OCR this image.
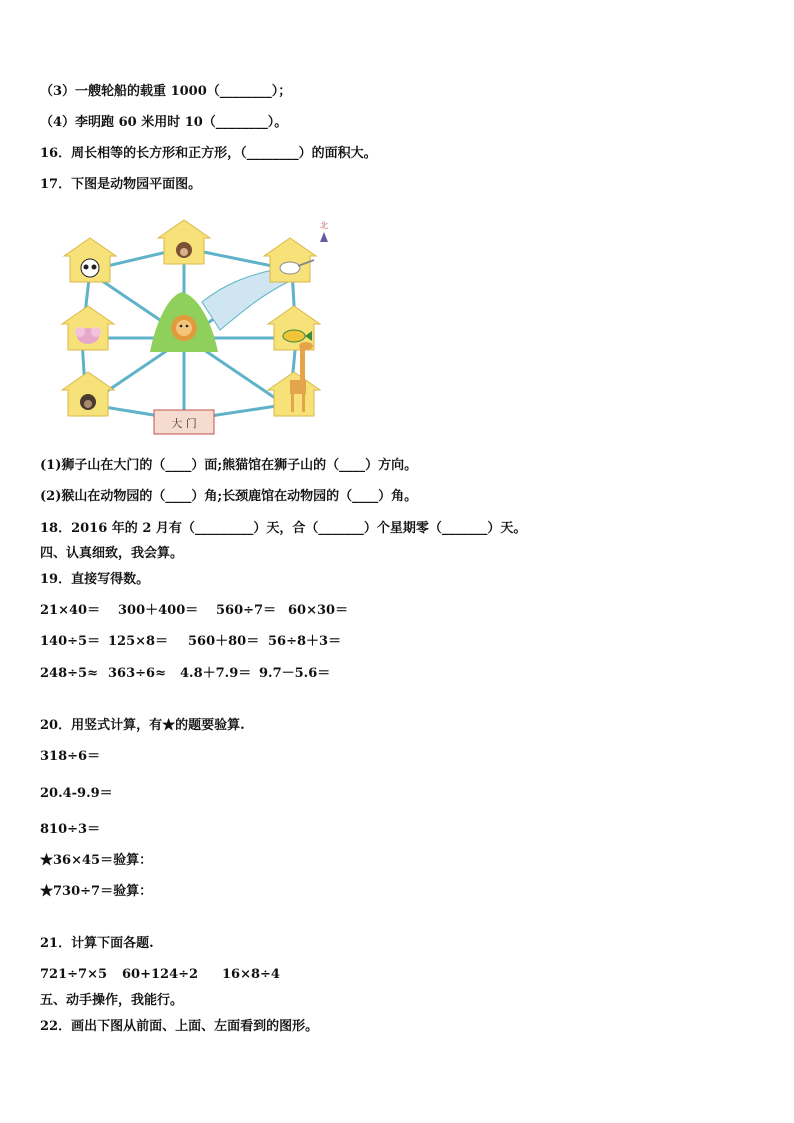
（3）一艘轮船的载重 1000（________）；
（4）李明跑 60 米用时 10（________）。
16．周长相等的长方形和正方形，（________）的面积大。
17．下图是动物园平面图。
大 门
北
(1)狮子山在大门的（____）面;熊猫馆在狮子山的（____）方向。
(2)猴山在动物园的（____）角;长颈鹿馆在动物园的（____）角。
18．2016 年的 2 月有（_________）天，合（_______）个星期零（_______）天。
四、认真细致，我会算。
19．直接写得数。
21×40＝ 300＋400＝ 560÷7＝ 60×30＝
140÷5＝ 125×8＝ 560＋80＝ 56÷8＋3＝
248÷5≈ 363÷6≈ 4.8＋7.9＝ 9.7－5.6＝
20．用竖式计算，有★的题要验算.
318÷6＝
20.4-9.9＝
810÷3＝
★36×45＝验算：
★730÷7＝验算：
21．计算下面各题.
721÷7×5 60+124÷2 16×8÷4
五、动手操作，我能行。
22．画出下图从前面、上面、左面看到的图形。
